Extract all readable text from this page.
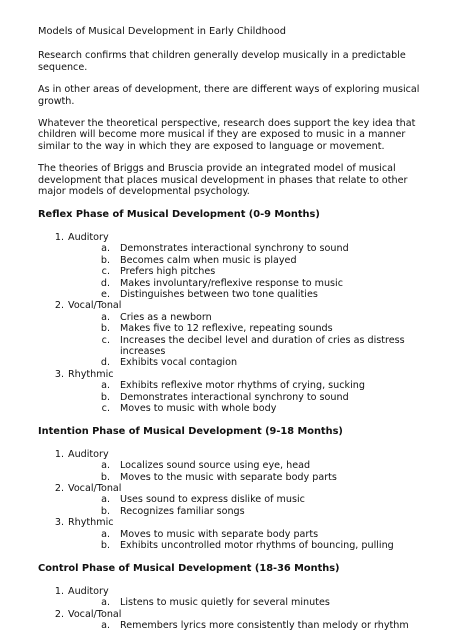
Models of Musical Development in Early Childhood

Research confirms that children generally develop musically in a predictable sequence.

As in other areas of development, there are different ways of exploring musical growth.

Whatever the theoretical perspective, research does support the key idea that children will become more musical if they are exposed to music in a manner similar to the way in which they are exposed to language or movement.

The theories of Briggs and Bruscia provide an integrated model of musical development that places musical development in phases that relate to other major models of developmental psychology.

Reflex Phase of Musical Development (0-9 Months)
1. Auditory
a. Demonstrates interactional synchrony to sound
b. Becomes calm when music is played
c. Prefers high pitches
d. Makes involuntary/reflexive response to music
e. Distinguishes between two tone qualities
2. Vocal/Tonal
a. Cries as a newborn
b. Makes five to 12 reflexive, repeating sounds
c. Increases the decibel level and duration of cries as distress increases
d. Exhibits vocal contagion
3. Rhythmic
a. Exhibits reflexive motor rhythms of crying, sucking
b. Demonstrates interactional synchrony to sound
c. Moves to music with whole body
Intention Phase of Musical Development (9-18 Months)
1. Auditory
a. Localizes sound source using eye, head
b. Moves to the music with separate body parts
2. Vocal/Tonal
a. Uses sound to express dislike of music
b. Recognizes familiar songs
3. Rhythmic
a. Moves to music with separate body parts
b. Exhibits uncontrolled motor rhythms of bouncing, pulling
Control Phase of Musical Development (18-36 Months)
1. Auditory
a. Listens to music quietly for several minutes
2. Vocal/Tonal
a. Remembers lyrics more consistently than melody or rhythm
